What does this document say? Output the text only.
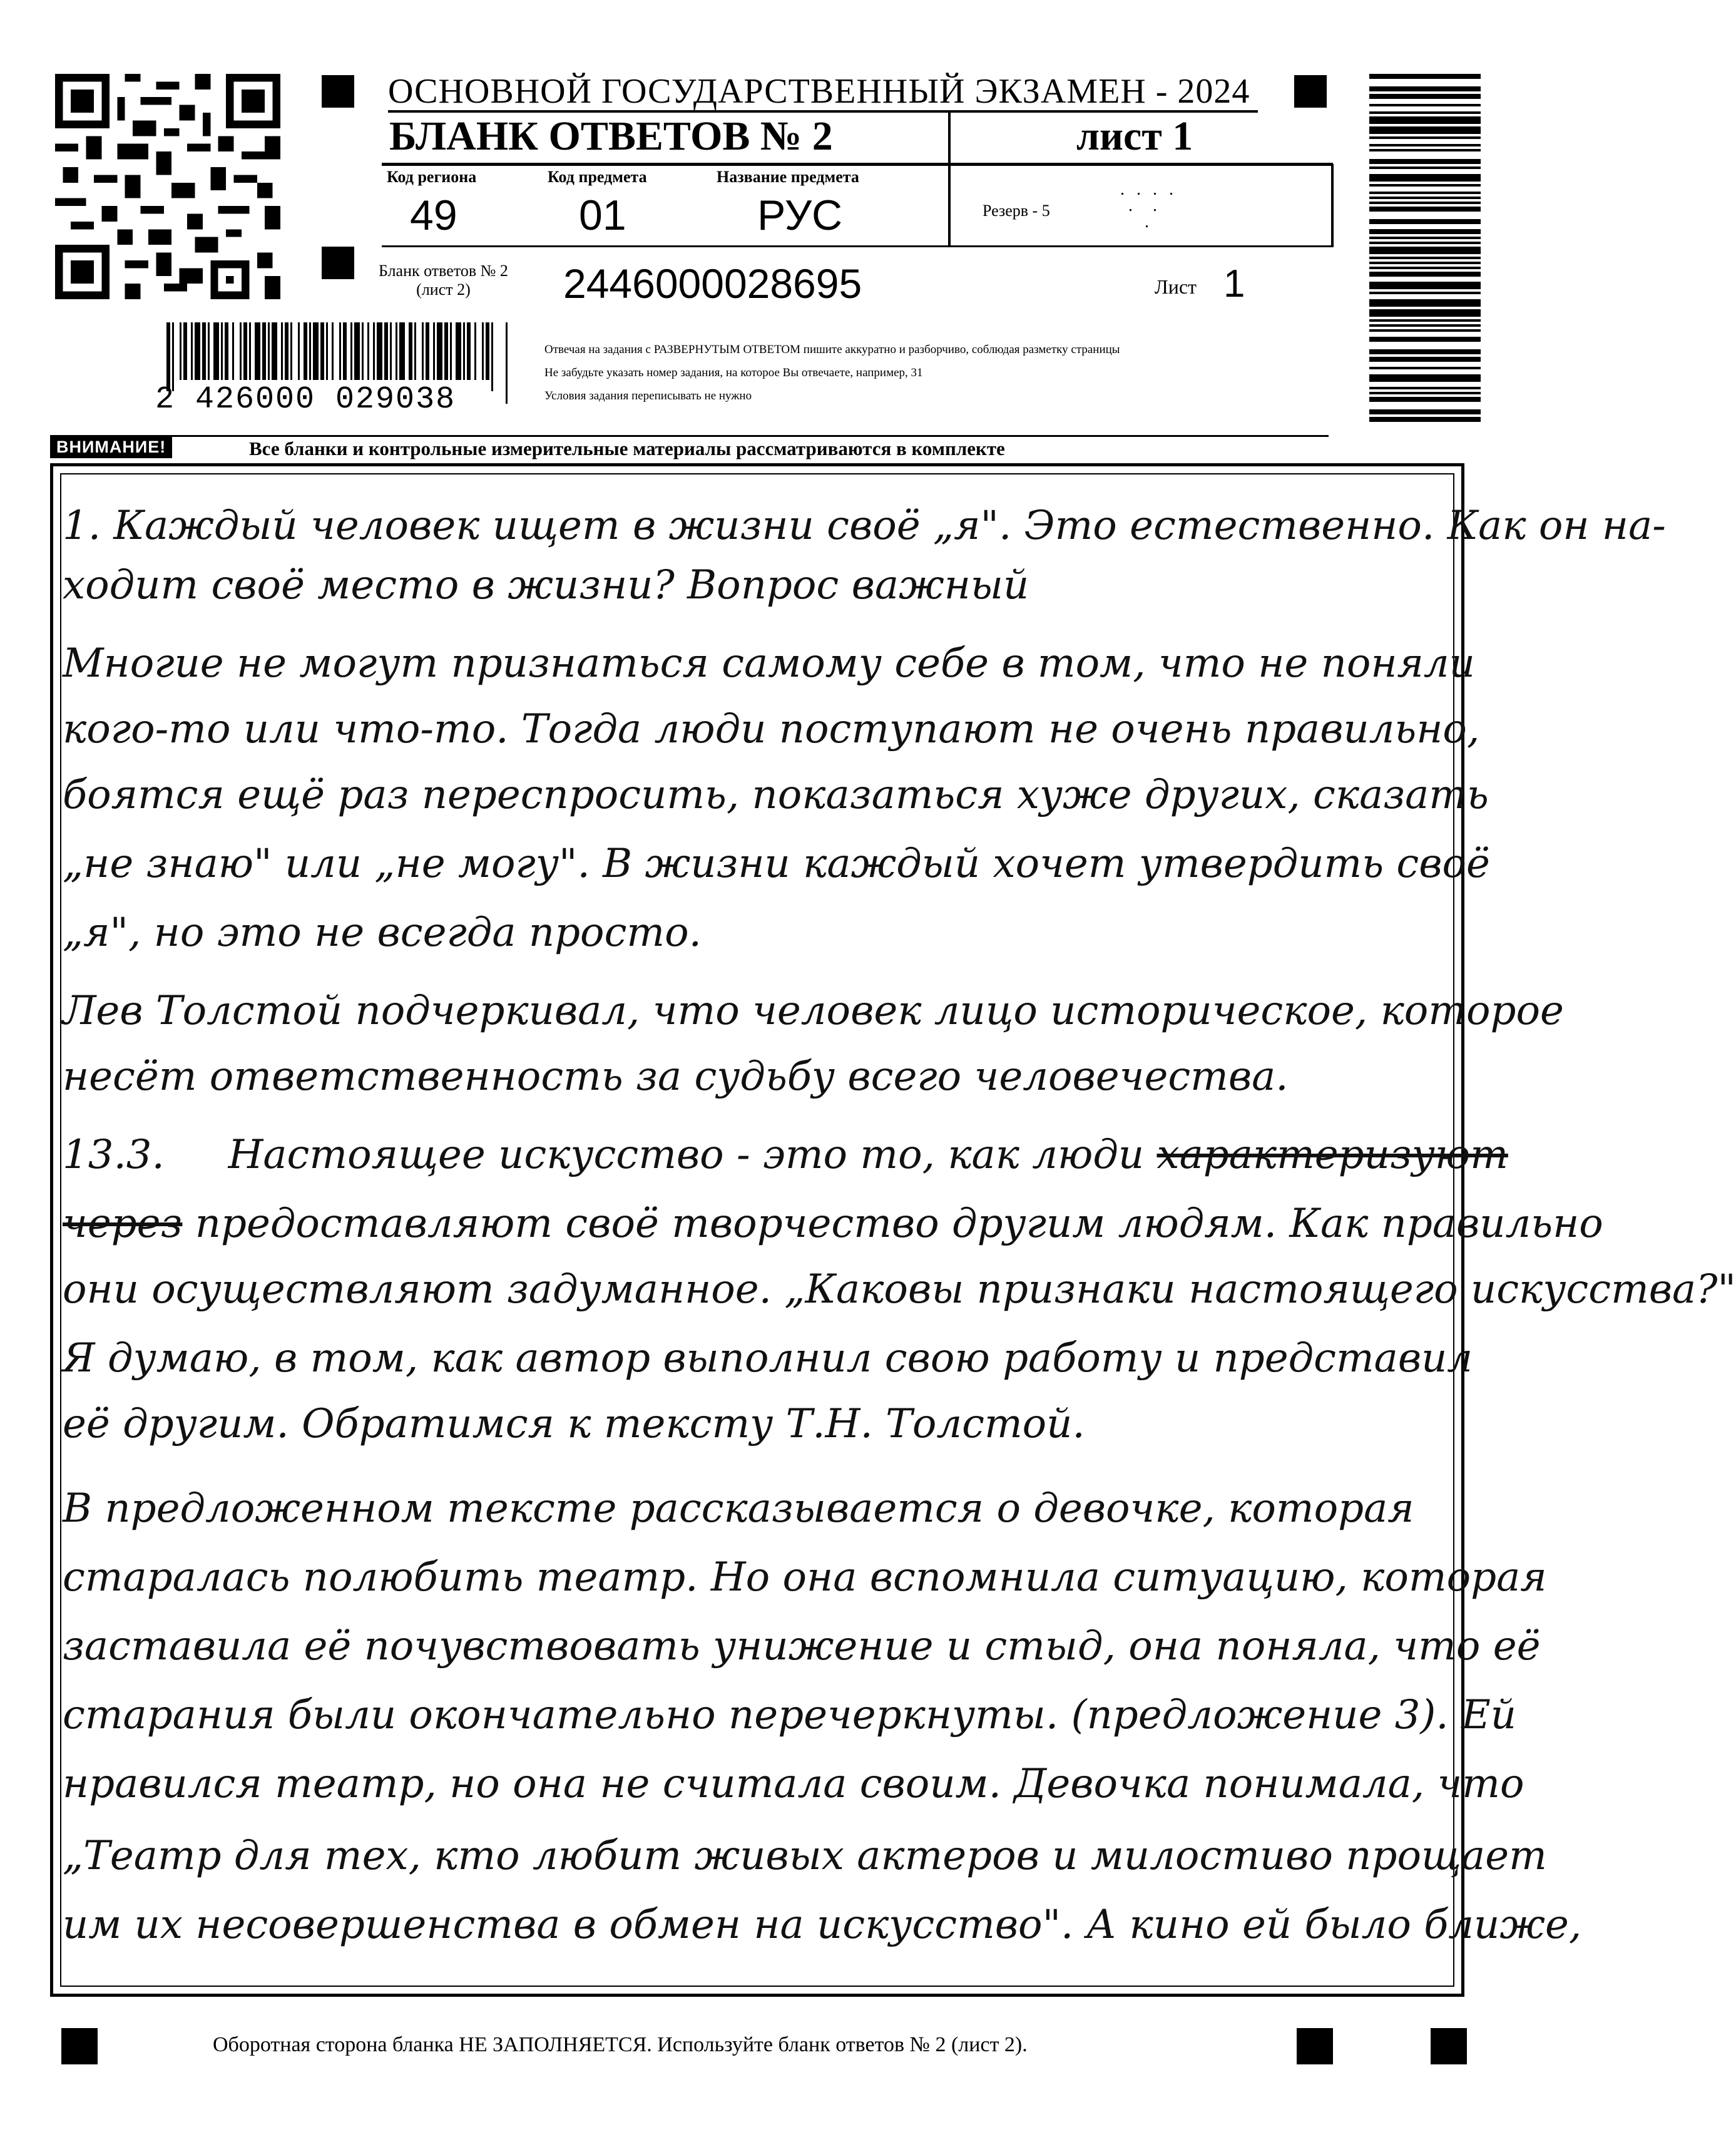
ОСНОВНОЙ ГОСУДАРСТВЕННЫЙ ЭКЗАМЕН - 2024
БЛАНК ОТВЕТОВ № 2	лист 1
Код региона
49
Код предмета
01
Название предмета
РУС	Резерв - 5
. . . .
.  .
.
Бланк ответов № 2
(лист 2)	2446000028695	Лист 1
2 426000 029038
Отвечая на задания с РАЗВЕРНУТЫМ ОТВЕТОМ пишите аккуратно и разборчиво, соблюдая разметку страницы
Не забудьте указать номер задания, на которое Вы отвечаете, например, 31
Условия задания переписывать не нужно
ВНИМАНИЕ!	Все бланки и контрольные измерительные материалы рассматриваются в комплекте
1. Каждый человек ищет в жизни своё „я". Это естественно. Как он на-
ходит своё место в жизни? Вопрос важный
Многие не могут признаться самому себе в том, что не поняли
кого-то или что-то. Тогда люди поступают не очень правильно,
боятся ещё раз переспросить, показаться хуже других, сказать
„не знаю" или „не могу". В жизни каждый хочет утвердить своё
„я", но это не всегда просто.
Лев Толстой подчеркивал, что человек лицо историческое, которое
несёт ответственность за судьбу всего человечества.
13.3. Настоящее искусство - это то, как люди характеризуют
через предоставляют своё творчество другим людям. Как правильно
они осуществляют задуманное. „Каковы признаки настоящего искусства?"
Я думаю, в том, как автор выполнил свою работу и представил
её другим. Обратимся к тексту Т.Н. Толстой.
В предложенном тексте рассказывается о девочке, которая
старалась полюбить театр. Но она вспомнила ситуацию, которая
заставила её почувствовать унижение и стыд, она поняла, что её
старания были окончательно перечеркнуты. (предложение 3). Ей
нравился театр, но она не считала своим. Девочка понимала, что
„Театр для тех, кто любит живых актеров и милостиво прощает
им их несовершенства в обмен на искусство". А кино ей было ближе,
Оборотная сторона бланка НЕ ЗАПОЛНЯЕТСЯ. Используйте бланк ответов № 2 (лист 2).
